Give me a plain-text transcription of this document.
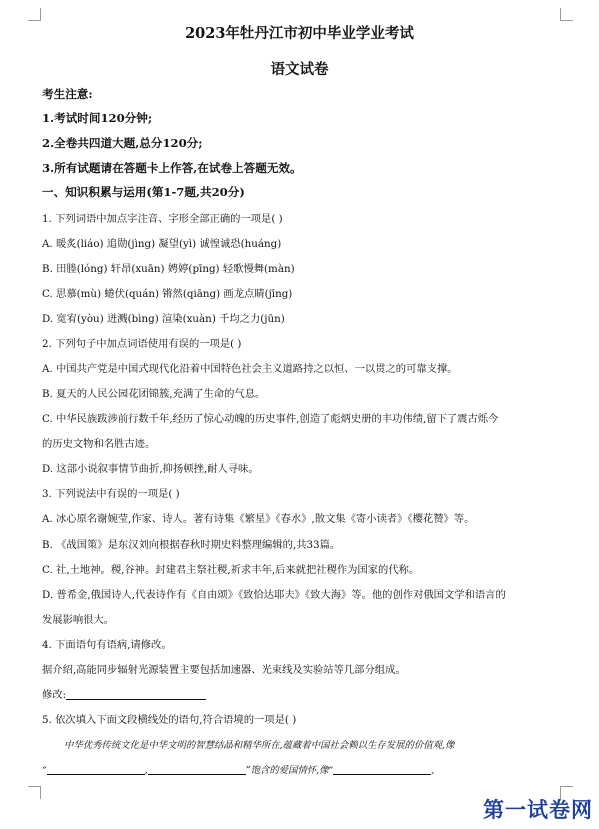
2023年牡丹江市初中毕业学业考试
语文试卷
考生注意:
1.考试时间120分钟;
2.全卷共四道大题,总分120分;
3.所有试题请在答题卡上作答,在试卷上答题无效。
一、知识积累与运用(第1-7题,共20分)
1. 下列词语中加点字注音、字形全部正确的一项是( )
A. 暖炙(liáo) 追勋(jìng) 凝望(yì) 诚惶诚恐(huáng)
B. 田塍(lóng) 轩昂(xuān) 娉婷(pīng) 轻歌慢舞(màn)
C. 思慕(mù) 蜷伏(quán) 锵然(qiāng) 画龙点睛(jīng)
D. 宽宥(yòu) 迸溅(bìng) 渲染(xuàn) 千均之力(jūn)
2. 下列句子中加点词语使用有误的一项是( )
A. 中国共产党是中国式现代化沿着中国特色社会主义道路持之以恒、一以贯之的可靠支撑。
B. 夏天的人民公园花团锦簇,充满了生命的气息。
C. 中华民族跋涉前行数千年,经历了惊心动魄的历史事件,创造了彪炳史册的丰功伟绩,留下了震古烁今
的历史文物和名胜古迹。
D. 这部小说叙事情节曲折,抑扬顿挫,耐人寻味。
3. 下列说法中有误的一项是( )
A. 冰心原名谢婉莹,作家、诗人。著有诗集《繁星》《春水》,散文集《寄小读者》《樱花赞》等。
B. 《战国策》是东汉刘向根据春秋时期史料整理编辑的,共33篇。
C. 社,土地神。稷,谷神。封建君主祭社稷,祈求丰年,后来就把社稷作为国家的代称。
D. 普希金,俄国诗人,代表诗作有《自由颂》《致恰达耶夫》《致大海》等。他的创作对俄国文学和语言的
发展影响很大。
4. 下面语句有语病,请修改。
据介绍,高能同步辐射光源装置主要包括加速器、光束线及实验站等几部分组成。
修改:
5. 依次填入下面文段横线处的语句,符合语境的一项是( )
中华优秀传统文化是中华文明的智慧结晶和精华所在,蕴藏着中国社会赖以生存发展的价值观,像
“	,	”饱含的爱国情怀,像“	,
第一试卷网
